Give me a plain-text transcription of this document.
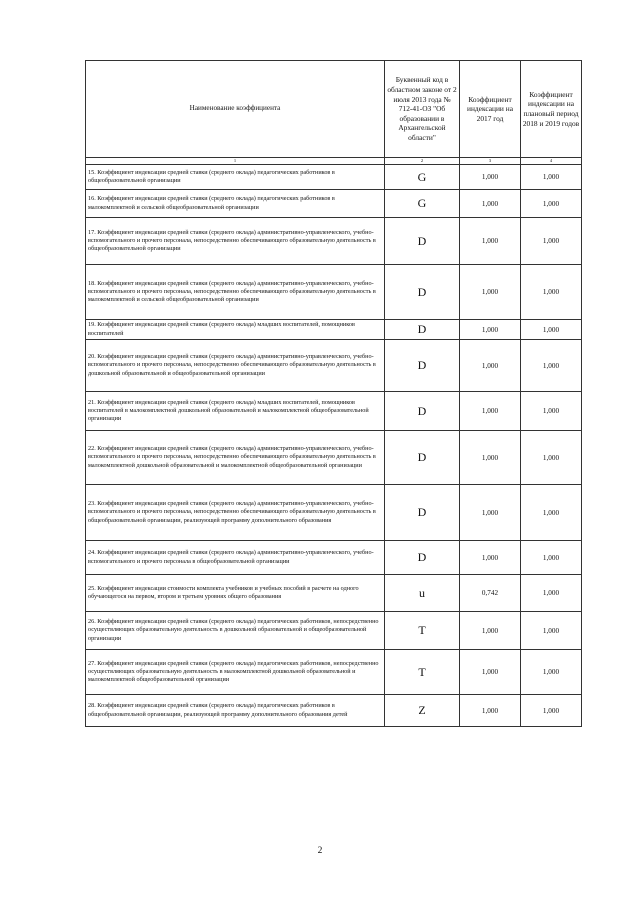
Наименование коэффициента	Буквенный код в областном законе от 2 июля 2013 года № 712-41-ОЗ "Об образовании в Архангельской области"	Коэффициент индексации на 2017 год	Коэффициент индексации на плановый период 2018 и 2019 годов
1	2	3	4
15. Коэффициент индексации средней ставки (среднего оклада) педагогических работников в общеобразовательной организации	G	1,000	1,000
16. Коэффициент индексации средней ставки (среднего оклада) педагогических работников в малокомплектной и сельской общеобразовательной организации	G	1,000	1,000
17. Коэффициент индексации средней ставки (среднего оклада) административно-управленческого, учебно-вспомогательного и прочего персонала, непосредственно обеспечивающего образовательную деятельность в общеобразовательной организации	D	1,000	1,000
18. Коэффициент индексации средней ставки (среднего оклада) административно-управленческого, учебно-вспомогательного и прочего персонала, непосредственно обеспечивающего образовательную деятельность в малокомплектной и сельской общеобразовательной организации	D	1,000	1,000
19. Коэффициент индексации средней ставки (среднего оклада) младших воспитателей, помощников воспитателей	D	1,000	1,000
20. Коэффициент индексации средней ставки (среднего оклада) административно-управленческого, учебно-вспомогательного и прочего персонала, непосредственно обеспечивающего образовательную деятельность в дошкольной образовательной и общеобразовательной организации	D	1,000	1,000
21. Коэффициент индексации средней ставки (среднего оклада) младших воспитателей, помощников воспитателей в малокомплектной дошкольной образовательной и малокомплектной общеобразовательной организации	D	1,000	1,000
22. Коэффициент индексации средней ставки (среднего оклада) административно-управленческого, учебно-вспомогательного и прочего персонала, непосредственно обеспечивающего образовательную деятельность в малокомплектной дошкольной образовательной и малокомплектной общеобразовательной организации	D	1,000	1,000
23. Коэффициент индексации средней ставки (среднего оклада) административно-управленческого, учебно-вспомогательного и прочего персонала, непосредственно обеспечивающего образовательную деятельность в общеобразовательной организации, реализующей программу дополнительного образования	D	1,000	1,000
24. Коэффициент индексации средней ставки (среднего оклада) административно-управленческого, учебно-вспомогательного и прочего персонала в общеобразовательной организации	D	1,000	1,000
25. Коэффициент индексации стоимости комплекта учебников и учебных пособий в расчете на одного обучающегося на первом, втором и третьем уровнях общего образования	u	0,742	1,000
26. Коэффициент индексации средней ставки (среднего оклада) педагогических работников, непосредственно осуществляющих образовательную деятельность в дошкольной образовательной и общеобразовательной организации	T	1,000	1,000
27. Коэффициент индексации средней ставки (среднего оклада) педагогических работников, непосредственно осуществляющих образовательную деятельность в малокомплектной дошкольной образовательной и малокомплектной общеобразовательной организации	T	1,000	1,000
28. Коэффициент индексации средней ставки (среднего оклада) педагогических работников в общеобразовательной организации, реализующей программу дополнительного образования детей	Z	1,000	1,000
2
